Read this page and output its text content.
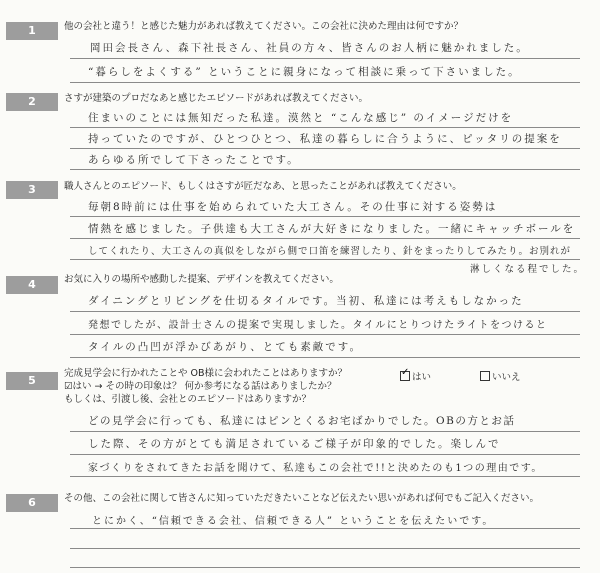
1	他の会社と違う！と感じた魅力があれば教えてください。この会社に決めた理由は何ですか？
岡田会長さん、森下社長さん、社員の方々、皆さんのお人柄に魅かれました。
“暮らしをよくする” ということに親身になって相談に乗って下さいました。
2	さすが建築のプロだなあと感じたエピソードがあれば教えてください。
住まいのことには無知だった私達。漠然と “こんな感じ” のイメージだけを
持っていたのですが、ひとつひとつ、私達の暮らしに合うように、ピッタリの提案を
あらゆる所でして下さったことです。
3	職人さんとのエピソード、もしくはさすが匠だなあ、と思ったことがあれば教えてください。
毎朝8時前には仕事を始められていた大工さん。その仕事に対する姿勢は
情熱を感じました。子供達も大工さんが大好きになりました。一緒にキャッチボールを
してくれたり、大工さんの真似をしながら側で口笛を練習したり、針をまったりしてみたり。お別れが
淋しくなる程でした。
4	お気に入りの場所や感動した提案、デザインを教えてください。
ダイニングとリビングを仕切るタイルです。当初、私達には考えもしなかった
発想でしたが、設計士さんの提案で実現しました。タイルにとりつけたライトをつけると
タイルの凸凹が浮かびあがり、とても素敵です。
5
完成見学会に行かれたことや OB様に会われたことはありますか？
✓	はい	いいえ
☑はい → その時の印象は？ 何か参考になる話はありましたか？
もしくは、引渡し後、会社とのエピソードはありますか？
どの見学会に行っても、私達にはピンとくるお宅ばかりでした。OBの方とお話
した際、その方がとても満足されているご様子が印象的でした。楽しんで
家づくりをされてきたお話を聞けて、私達もこの会社で!!と決めたのも1つの理由です。
6	その他、この会社に関して皆さんに知っていただきたいことなど伝えたい思いがあれば何でもご記入ください。
とにかく、“信頼できる会社、信頼できる人” ということを伝えたいです。
